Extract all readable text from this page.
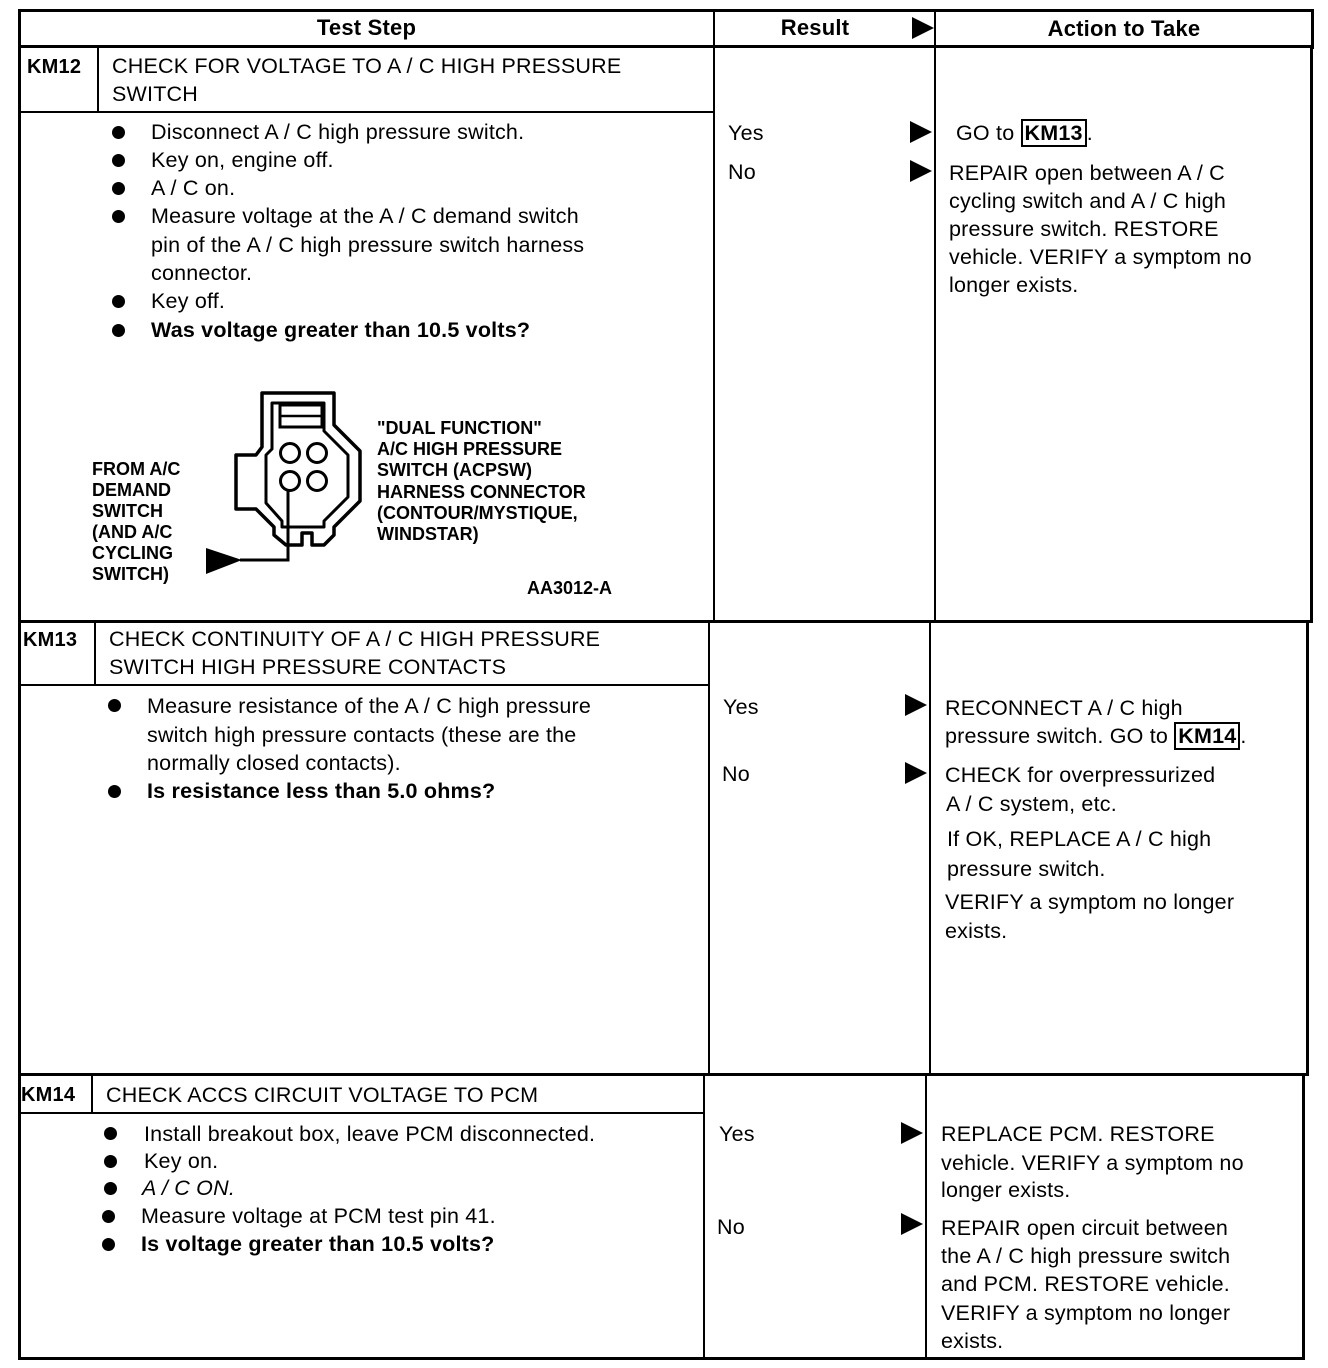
Test Step	Result	Action to Take
KM12 CHECK FOR VOLTAGE TO A / C HIGH PRESSURE
SWITCH
Disconnect A / C high pressure switch.
Key on, engine off.
A / C on.
Measure voltage at the A / C demand switch
pin of the A / C high pressure switch harness
connector.
Key off.
Was voltage greater than 10.5 volts?
FROM A/C
DEMAND
SWITCH
(AND A/C
CYCLING
SWITCH)
"DUAL FUNCTION"
A/C HIGH PRESSURE
SWITCH (ACPSW)
HARNESS CONNECTOR
(CONTOUR/MYSTIQUE,
WINDSTAR)
AA3012-A
Yes
No
GO to KM13 .
REPAIR open between A / C
cycling switch and A / C high
pressure switch. RESTORE
vehicle. VERIFY a symptom no
longer exists.
KM13 CHECK CONTINUITY OF A / C HIGH PRESSURE
SWITCH HIGH PRESSURE CONTACTS
Measure resistance of the A / C high pressure
switch high pressure contacts (these are the
normally closed contacts).
Is resistance less than 5.0 ohms?
Yes
No
RECONNECT A / C high
pressure switch. GO to KM14 .
CHECK for overpressurized
A / C system, etc.
If OK, REPLACE A / C high
pressure switch.
VERIFY a symptom no longer
exists.
KM14 CHECK ACCS CIRCUIT VOLTAGE TO PCM
Install breakout box, leave PCM disconnected.
Key on.
A / C ON.
Measure voltage at PCM test pin 41.
Is voltage greater than 10.5 volts?
Yes
No
REPLACE PCM. RESTORE
vehicle. VERIFY a symptom no
longer exists.
REPAIR open circuit between
the A / C high pressure switch
and PCM. RESTORE vehicle.
VERIFY a symptom no longer
exists.
